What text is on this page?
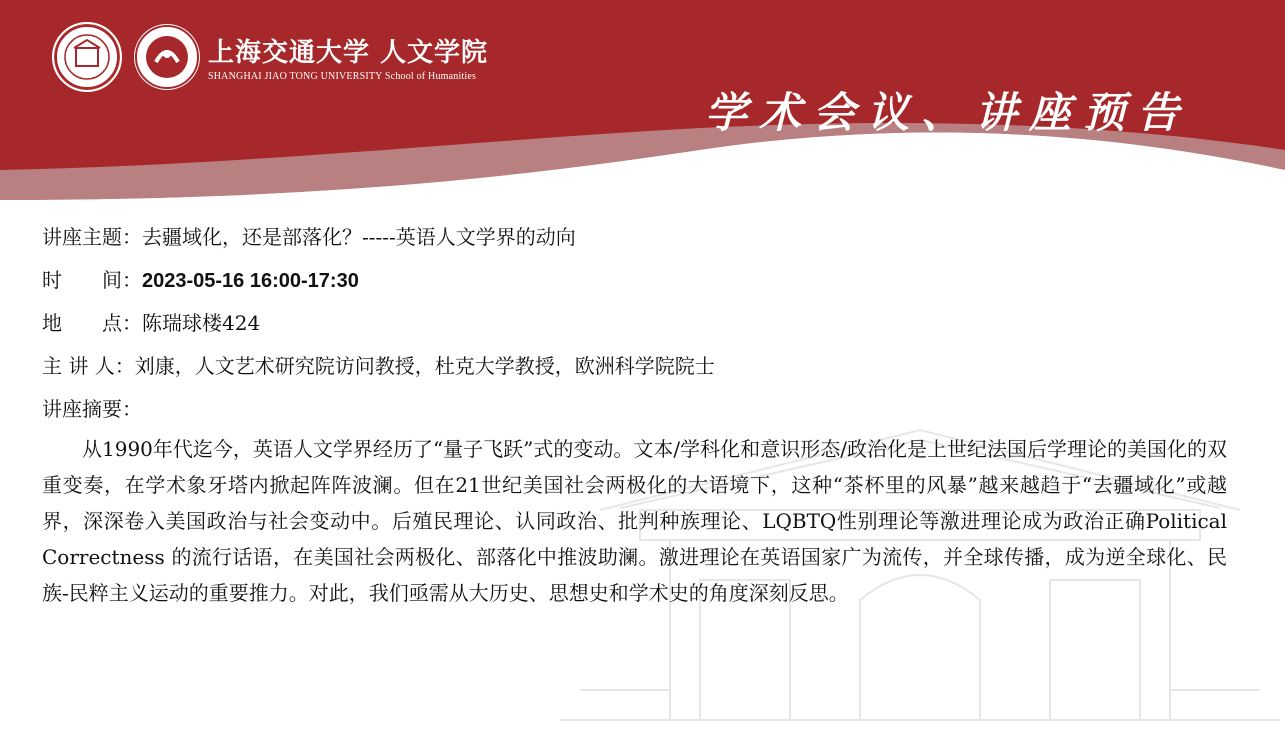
上海交通大学 人文学院
SHANGHAI JIAO TONG UNIVERSITY School of Humanities
学术会议、讲座预告
讲座主题：去疆域化，还是部落化？-----英语人文学界的动向
时　　间：2023-05-16 16:00-17:30
地　　点：陈瑞球楼424
主 讲 人：刘康，人文艺术研究院访问教授，杜克大学教授，欧洲科学院院士
讲座摘要：
从1990年代迄今，英语人文学界经历了“量子飞跃”式的变动。文本/学科化和意识形态/政治化是上世纪法国后学理论的美国化的双重变奏，在学术象牙塔内掀起阵阵波澜。但在21世纪美国社会两极化的大语境下，这种“茶杯里的风暴”越来越趋于“去疆域化”或越界，深深卷入美国政治与社会变动中。后殖民理论、认同政治、批判种族理论、LQBTQ性别理论等激进理论成为政治正确Political Correctness 的流行话语，在美国社会两极化、部落化中推波助澜。激进理论在英语国家广为流传，并全球传播，成为逆全球化、民族-民粹主义运动的重要推力。对此，我们亟需从大历史、思想史和学术史的角度深刻反思。
